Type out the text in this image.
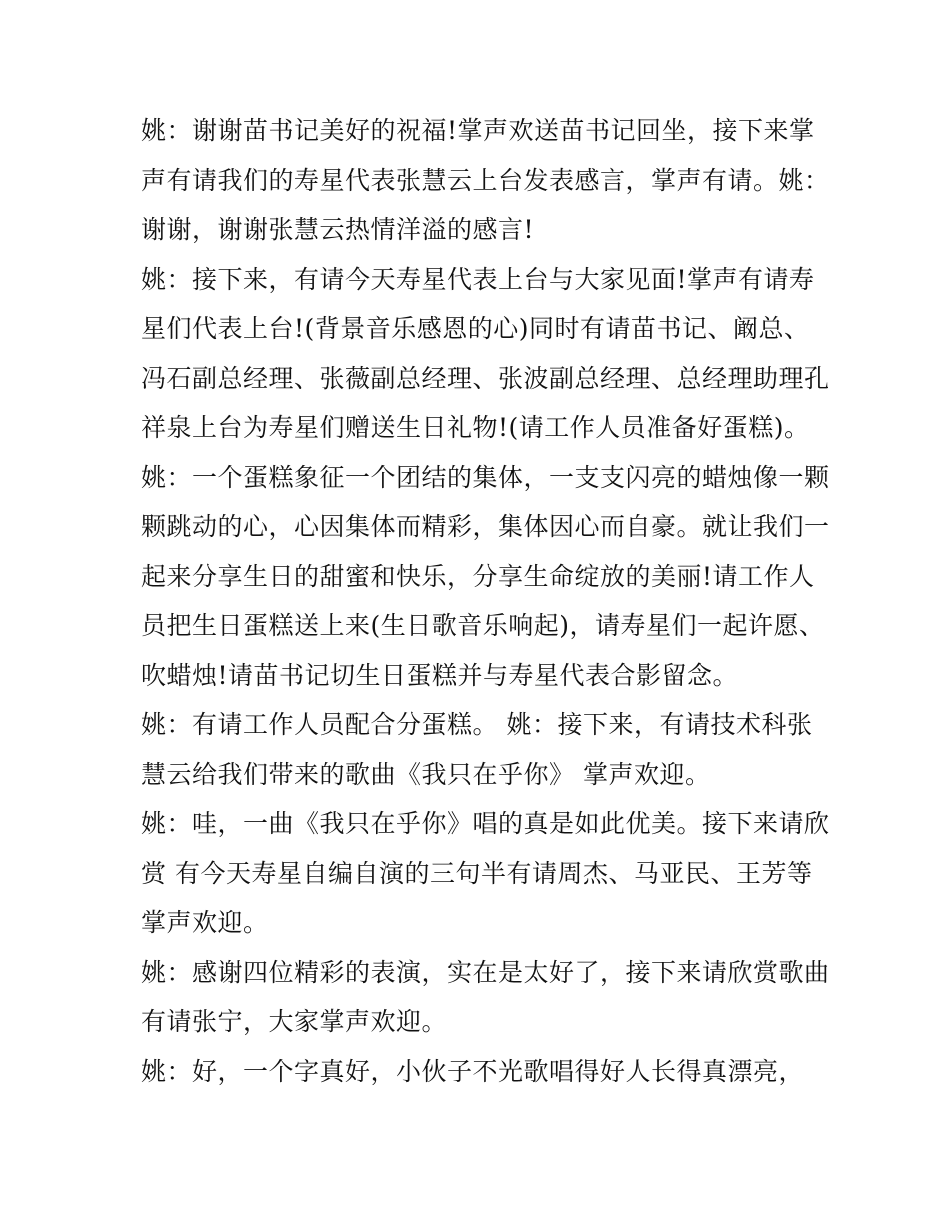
姚：谢谢苗书记美好的祝福!掌声欢送苗书记回坐，接下来掌
声有请我们的寿星代表张慧云上台发表感言，掌声有请。姚：
谢谢，谢谢张慧云热情洋溢的感言!
姚：接下来，有请今天寿星代表上台与大家见面!掌声有请寿
星们代表上台!(背景音乐感恩的心)同时有请苗书记、阚总、
冯石副总经理、张薇副总经理、张波副总经理、总经理助理孔
祥泉上台为寿星们赠送生日礼物!(请工作人员准备好蛋糕)。
姚：一个蛋糕象征一个团结的集体，一支支闪亮的蜡烛像一颗
颗跳动的心，心因集体而精彩，集体因心而自豪。就让我们一
起来分享生日的甜蜜和快乐，分享生命绽放的美丽!请工作人
员把生日蛋糕送上来(生日歌音乐响起)，请寿星们一起许愿、
吹蜡烛!请苗书记切生日蛋糕并与寿星代表合影留念。
姚：有请工作人员配合分蛋糕。 姚：接下来，有请技术科张
慧云给我们带来的歌曲《我只在乎你》 掌声欢迎。
姚：哇，一曲《我只在乎你》唱的真是如此优美。接下来请欣
赏 有今天寿星自编自演的三句半有请周杰、马亚民、王芳等
掌声欢迎。
姚：感谢四位精彩的表演，实在是太好了，接下来请欣赏歌曲
有请张宁，大家掌声欢迎。
姚：好，一个字真好，小伙子不光歌唱得好人长得真漂亮，
